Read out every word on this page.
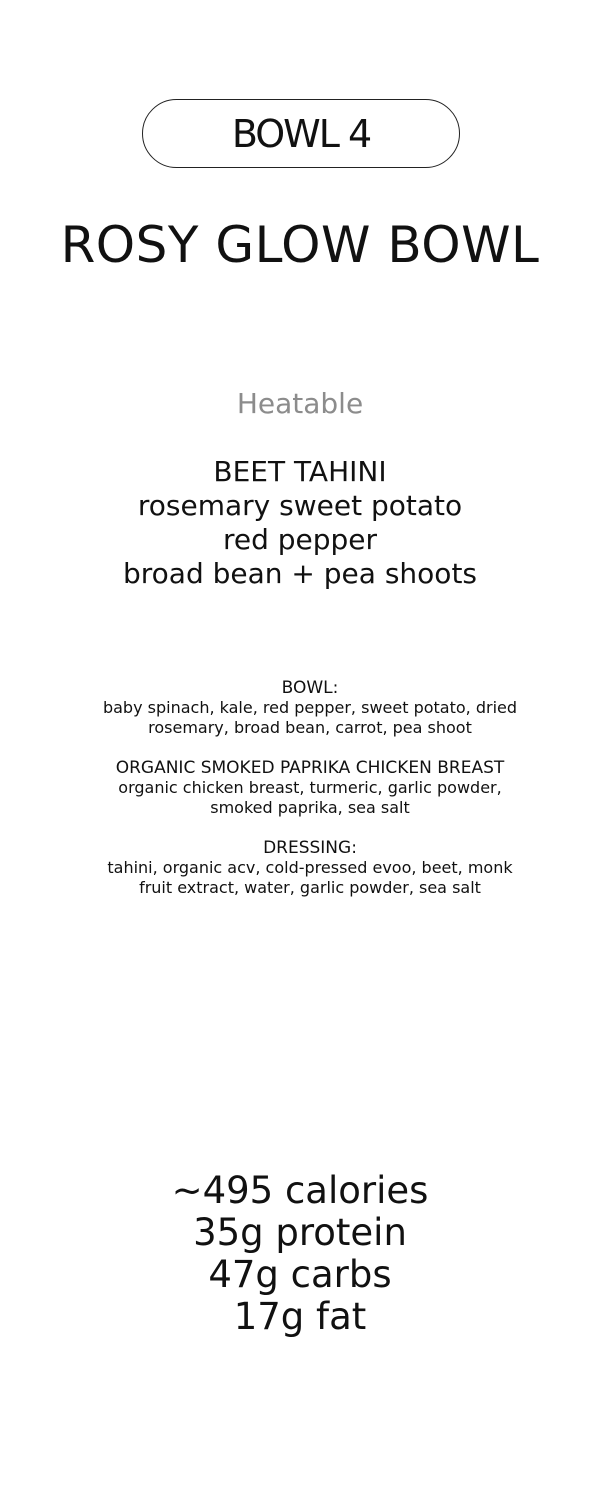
BOWL 4
ROSY GLOW BOWL
Heatable
BEET TAHINI
rosemary sweet potato
red pepper
broad bean + pea shoots
BOWL:
baby spinach, kale, red pepper, sweet potato, dried rosemary, broad bean, carrot, pea shoot
ORGANIC SMOKED PAPRIKA CHICKEN BREAST
organic chicken breast, turmeric, garlic powder, smoked paprika, sea salt
DRESSING:
tahini, organic acv, cold-pressed evoo, beet, monk fruit extract, water, garlic powder, sea salt
~495 calories
35g protein
47g carbs
17g fat
